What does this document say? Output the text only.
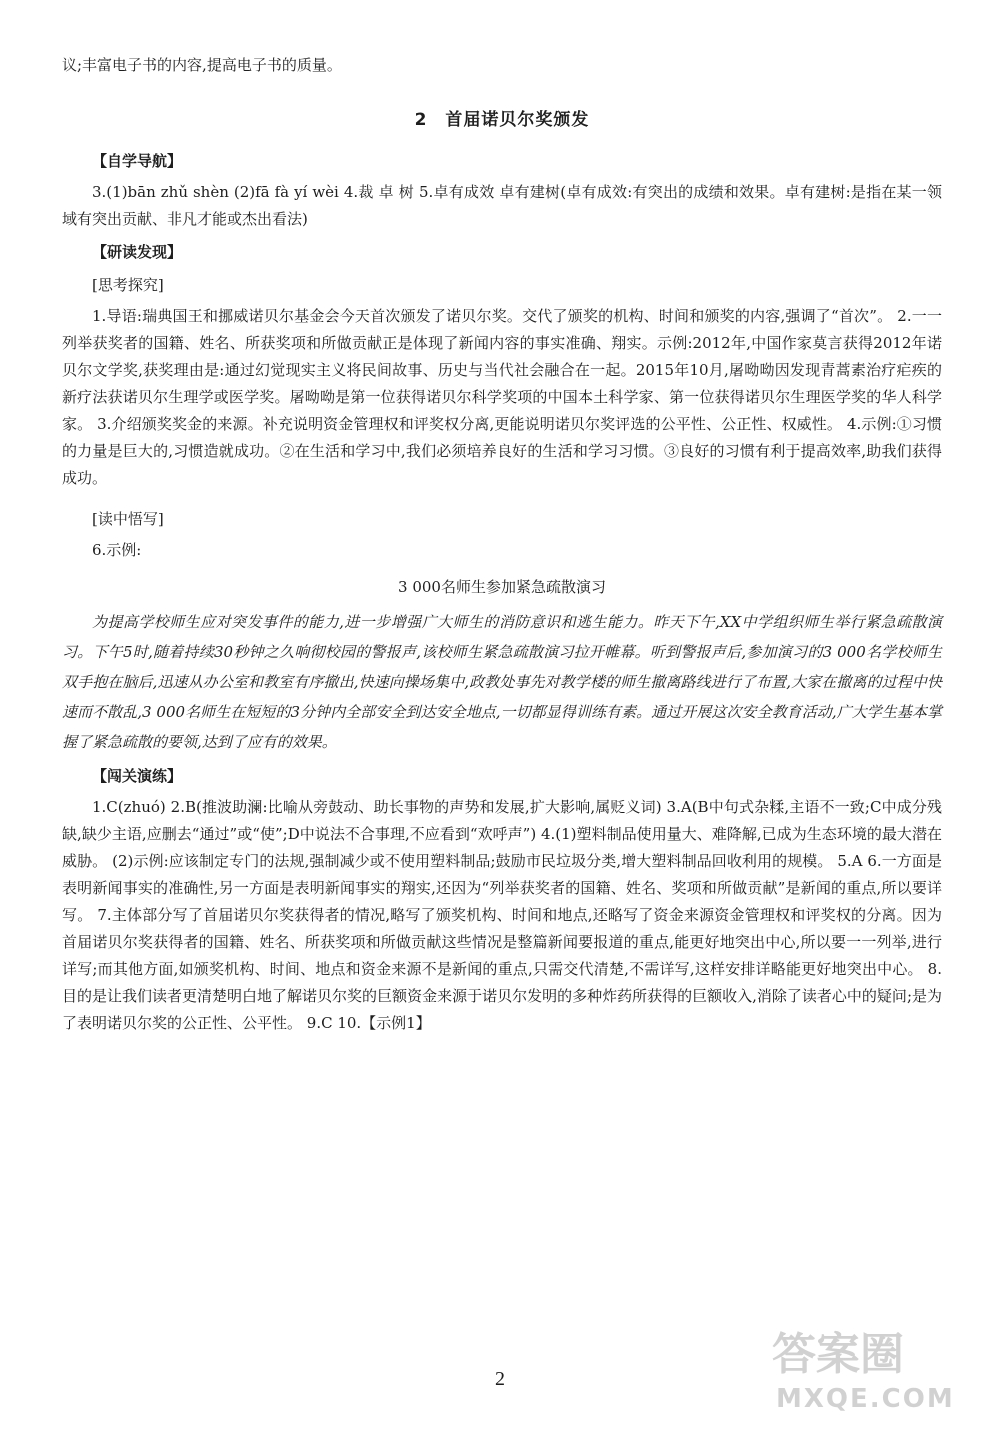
议;丰富电子书的内容,提高电子书的质量。

2 首届诺贝尔奖颁发
【自学导航】

3.(1)bān zhǔ shèn (2)fā fà yí wèi 4.裁 卓 树 5.卓有成效 卓有建树(卓有成效:有突出的成绩和效果。卓有建树:是指在某一领域有突出贡献、非凡才能或杰出看法)

【研读发现】
[思考探究]

1.导语:瑞典国王和挪威诺贝尔基金会今天首次颁发了诺贝尔奖。交代了颁奖的机构、时间和颁奖的内容,强调了“首次”。 2.一一列举获奖者的国籍、姓名、所获奖项和所做贡献正是体现了新闻内容的事实准确、翔实。示例:2012年,中国作家莫言获得2012年诺贝尔文学奖,获奖理由是:通过幻觉现实主义将民间故事、历史与当代社会融合在一起。2015年10月,屠呦呦因发现青蒿素治疗疟疾的新疗法获诺贝尔生理学或医学奖。屠呦呦是第一位获得诺贝尔科学奖项的中国本土科学家、第一位获得诺贝尔生理医学奖的华人科学家。 3.介绍颁奖奖金的来源。补充说明资金管理权和评奖权分离,更能说明诺贝尔奖评选的公平性、公正性、权威性。 4.示例:①习惯的力量是巨大的,习惯造就成功。②在生活和学习中,我们必须培养良好的生活和学习习惯。③良好的习惯有利于提高效率,助我们获得成功。

[读中悟写]

6.示例:

3 000名师生参加紧急疏散演习

为提高学校师生应对突发事件的能力,进一步增强广大师生的消防意识和逃生能力。昨天下午,XX中学组织师生举行紧急疏散演习。下午5时,随着持续30秒钟之久响彻校园的警报声,该校师生紧急疏散演习拉开帷幕。听到警报声后,参加演习的3 000名学校师生双手抱在脑后,迅速从办公室和教室有序撤出,快速向操场集中,政教处事先对教学楼的师生撤离路线进行了布置,大家在撤离的过程中快速而不散乱,3 000名师生在短短的3分钟内全部安全到达安全地点,一切都显得训练有素。通过开展这次安全教育活动,广大学生基本掌握了紧急疏散的要领,达到了应有的效果。

【闯关演练】

1.C(zhuó) 2.B(推波助澜:比喻从旁鼓动、助长事物的声势和发展,扩大影响,属贬义词) 3.A(B中句式杂糅,主语不一致;C中成分残缺,缺少主语,应删去“通过”或“使”;D中说法不合事理,不应看到“欢呼声”) 4.(1)塑料制品使用量大、难降解,已成为生态环境的最大潜在威胁。 (2)示例:应该制定专门的法规,强制减少或不使用塑料制品;鼓励市民垃圾分类,增大塑料制品回收利用的规模。 5.A 6.一方面是表明新闻事实的准确性,另一方面是表明新闻事实的翔实,还因为“列举获奖者的国籍、姓名、奖项和所做贡献”是新闻的重点,所以要详写。 7.主体部分写了首届诺贝尔奖获得者的情况,略写了颁奖机构、时间和地点,还略写了资金来源资金管理权和评奖权的分离。因为首届诺贝尔奖获得者的国籍、姓名、所获奖项和所做贡献这些情况是整篇新闻要报道的重点,能更好地突出中心,所以要一一列举,进行详写;而其他方面,如颁奖机构、时间、地点和资金来源不是新闻的重点,只需交代清楚,不需详写,这样安排详略能更好地突出中心。 8.目的是让我们读者更清楚明白地了解诺贝尔奖的巨额资金来源于诺贝尔发明的多种炸药所获得的巨额收入,消除了读者心中的疑问;是为了表明诺贝尔奖的公正性、公平性。 9.C 10.【示例1】

2	答案圈
MXQE.COM
